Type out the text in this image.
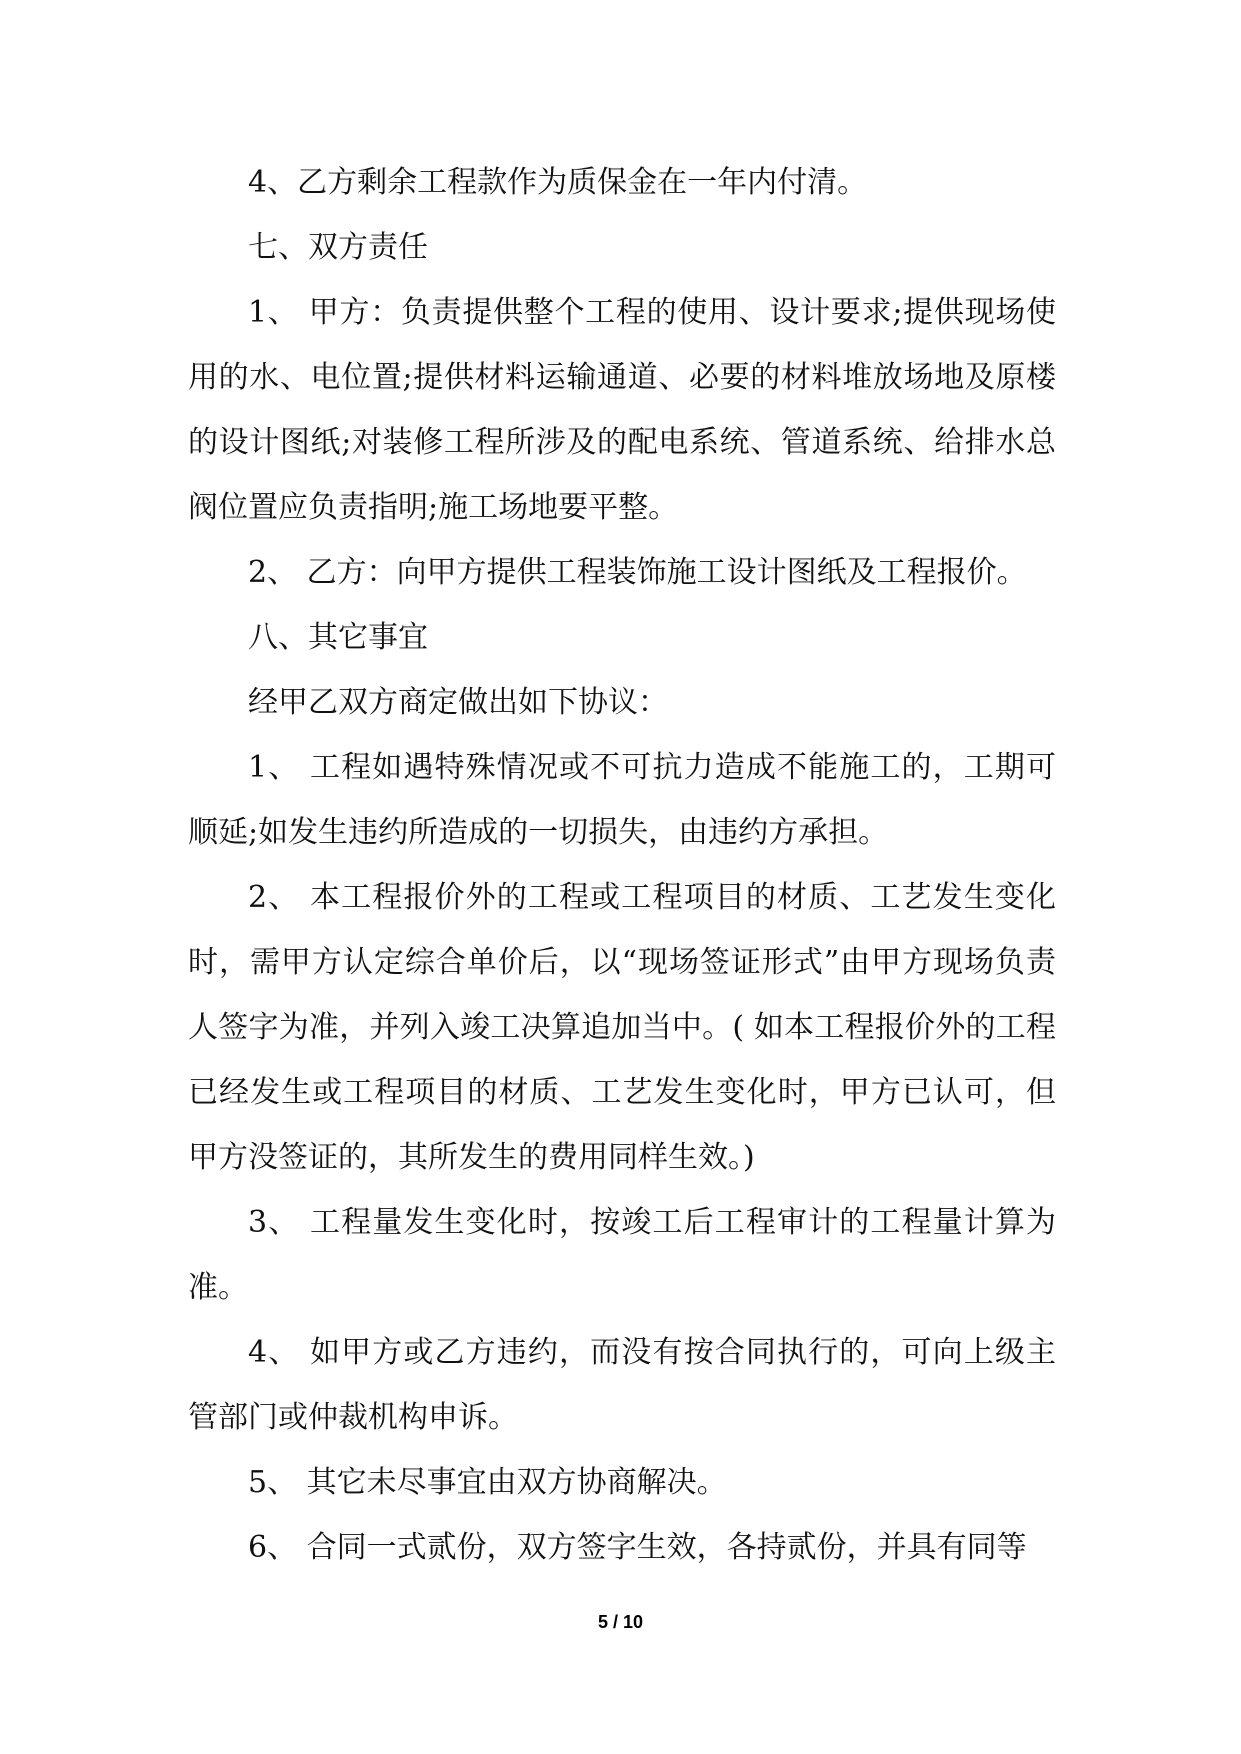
4、乙方剩余工程款作为质保金在一年内付清。

七、双方责任

1、 甲方：负责提供整个工程的使用、设计要求;提供现场使用的水、电位置;提供材料运输通道、必要的材料堆放场地及原楼的设计图纸;对装修工程所涉及的配电系统、管道系统、给排水总阀位置应负责指明;施工场地要平整。

2、 乙方：向甲方提供工程装饰施工设计图纸及工程报价。

八、其它事宜

经甲乙双方商定做出如下协议：

1、 工程如遇特殊情况或不可抗力造成不能施工的，工期可顺延;如发生违约所造成的一切损失，由违约方承担。

2、 本工程报价外的工程或工程项目的材质、工艺发生变化时，需甲方认定综合单价后，以“现场签证形式”由甲方现场负责人签字为准，并列入竣工决算追加当中。( 如本工程报价外的工程已经发生或工程项目的材质、工艺发生变化时，甲方已认可，但甲方没签证的，其所发生的费用同样生效。)

3、 工程量发生变化时，按竣工后工程审计的工程量计算为准。

4、 如甲方或乙方违约，而没有按合同执行的，可向上级主管部门或仲裁机构申诉。

5、 其它未尽事宜由双方协商解决。

6、 合同一式贰份，双方签字生效，各持贰份，并具有同等

5 / 10
